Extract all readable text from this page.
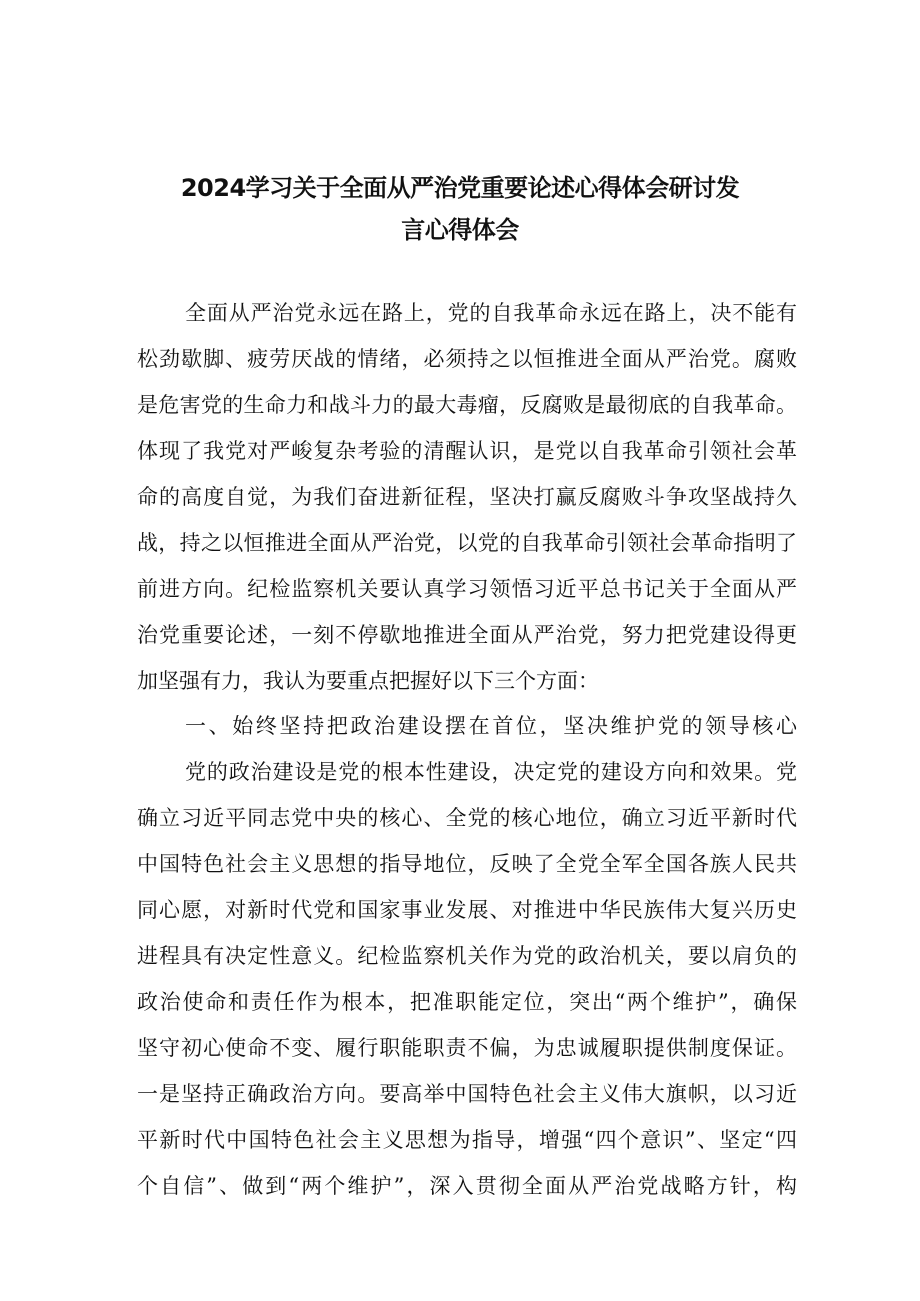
2024学习关于全面从严治党重要论述心得体会研讨发
言心得体会
全面从严治党永远在路上，党的自我革命永远在路上，决不能有
松劲歇脚、疲劳厌战的情绪，必须持之以恒推进全面从严治党。腐败
是危害党的生命力和战斗力的最大毒瘤，反腐败是最彻底的自我革命。
体现了我党对严峻复杂考验的清醒认识，是党以自我革命引领社会革
命的高度自觉，为我们奋进新征程，坚决打赢反腐败斗争攻坚战持久
战，持之以恒推进全面从严治党，以党的自我革命引领社会革命指明了
前进方向。纪检监察机关要认真学习领悟习近平总书记关于全面从严
治党重要论述，一刻不停歇地推进全面从严治党，努力把党建设得更
加坚强有力，我认为要重点把握好以下三个方面：
一、始终坚持把政治建设摆在首位，坚决维护党的领导核心
党的政治建设是党的根本性建设，决定党的建设方向和效果。党
确立习近平同志党中央的核心、全党的核心地位，确立习近平新时代
中国特色社会主义思想的指导地位，反映了全党全军全国各族人民共
同心愿，对新时代党和国家事业发展、对推进中华民族伟大复兴历史
进程具有决定性意义。纪检监察机关作为党的政治机关，要以肩负的
政治使命和责任作为根本，把准职能定位，突出“两个维护”，确保
坚守初心使命不变、履行职能职责不偏，为忠诚履职提供制度保证。
一是坚持正确政治方向。要高举中国特色社会主义伟大旗帜，以习近
平新时代中国特色社会主义思想为指导，增强“四个意识”、坚定“四
个自信”、做到“两个维护”，深入贯彻全面从严治党战略方针，构
